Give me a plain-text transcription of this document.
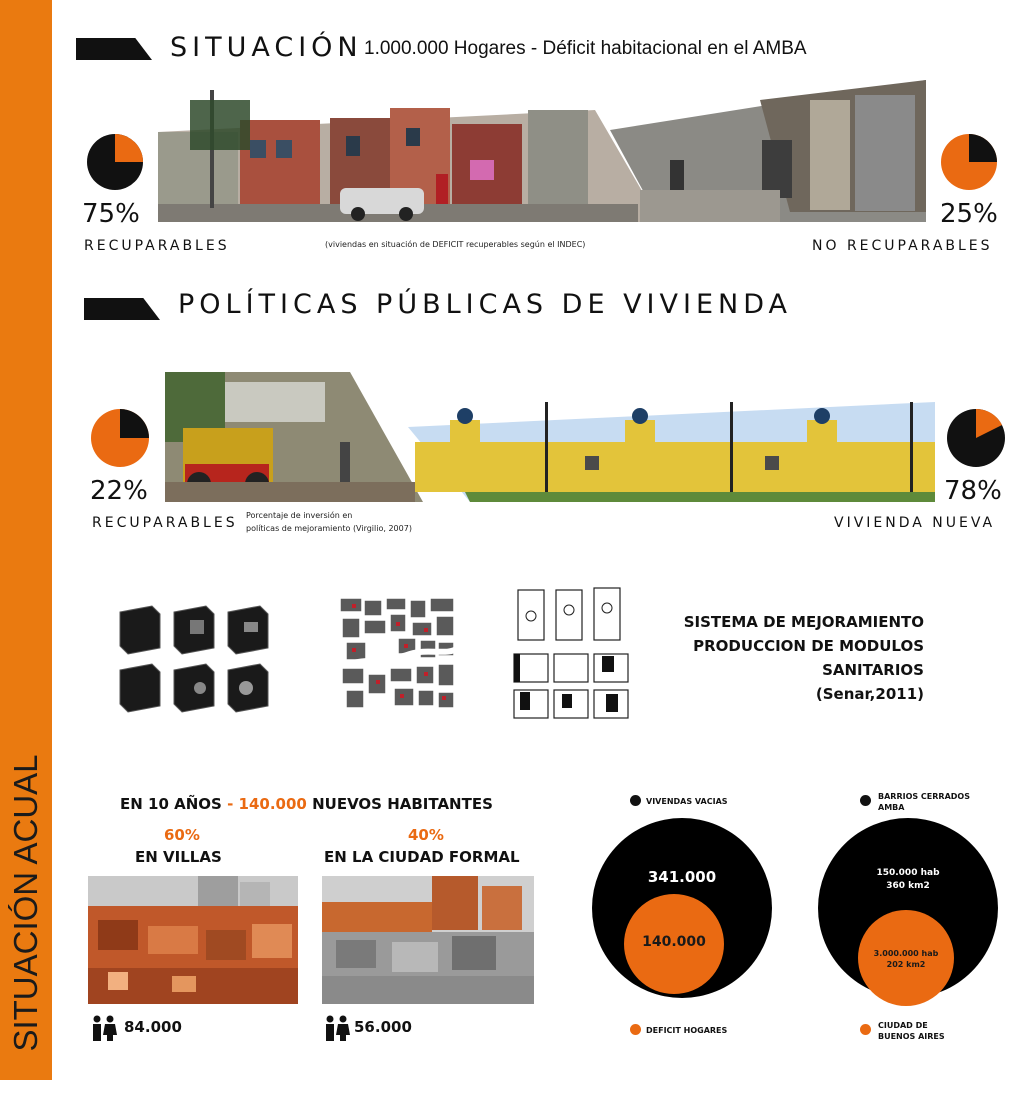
SITUACIÓN ACUAL
SITUACIÓN 1.000.000 Hogares - Déficit habitacional en el AMBA
75%
RECUPARABLES	(viviendas en situación de DEFICIT recuperables según el INDEC)
25%
NO RECUPARABLES
POLÍTICAS PÚBLICAS DE VIVIENDA
22%
RECUPARABLES Porcentaje de inversión en
políticas de mejoramiento (Virgilio, 2007)
78%
VIVIENDA NUEVA
SISTEMA DE MEJORAMIENTO
PRODUCCION DE MODULOS
SANITARIOS
(Senar,2011)
EN 10 AÑOS - 140.000 NUEVOS HABITANTES
60%
EN VILLAS
40%
EN LA CIUDAD FORMAL
84.000	56.000
VIVENDAS VACIAS
341.000
140.000
DEFICIT HOGARES
BARRIOS CERRADOS
AMBA
150.000 hab
360 km2
3.000.000 hab
202 km2
CIUDAD DE
BUENOS AIRES
